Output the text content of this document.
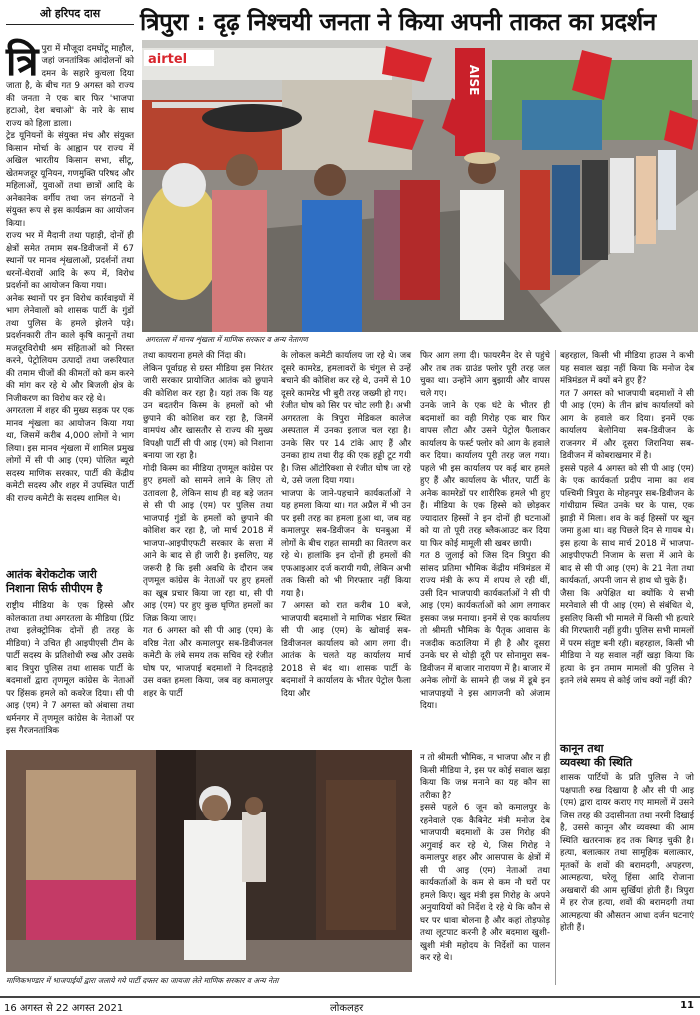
ओ हरिपद दास	त्रिपुरा : दृढ़ निश्चयी जनता ने किया अपनी ताकत का प्रदर्शन
airtel
AISE
अगरतला में मानव शृंखला में माणिक सरकार व अन्य नेतागण

त्रि पुरा में मौजूदा दमघोंटू माहौल, जहां जनतांत्रिक आंदोलनों को दमन के सहारे कुचला दिया जाता है, के बीच गत 9 अगस्त को राज्य की जनता ने एक बार फिर 'भाजपा हटाओ, देश बचाओ' के नारे के साथ राज्य को हिला डाला।
ट्रेड यूनियनों के संयुक्त मंच और संयुक्त किसान मोर्चा के आह्वान पर राज्य में अखिल भारतीय किसान सभा, सीटू, खेतमजदूर यूनियन, गणमुक्ति परिषद और महिलाओं, युवाओं तथा छात्रों आदि के अनेकानेक वर्गीय तथा जन संगठनों ने संयुक्त रूप से इस कार्यक्रम का आयोजन किया।
राज्य भर में मैदानी तथा पहाड़ी, दोनों ही क्षेत्रों समेत तमाम सब-डिवीजनों में 67 स्थानों पर मानव शृंखलाओं, प्रदर्शनों तथा धरनों-घेरावों आदि के रूप में, विरोध प्रदर्शनों का आयोजन किया गया।
अनेक स्थानों पर इन विरोध कार्रवाइयों में भाग लेनेवालों को शासक पार्टी के गुंडों तथा पुलिस के हमले झेलने पड़े। प्रदर्शनकारी तीन काले कृषि कानूनों तथा मजदूरविरोधी श्रम संहिताओं को निरस्त करने, पेट्रोलियम उत्पादों तथा जरूरियात की तमाम चीजों की कीमतों को कम करने की मांग कर रहे थे और बिजली क्षेत्र के निजीकरण का विरोध कर रहे थे।
अगरतला में शहर की मुख्य सड़क पर एक मानव शृंखला का आयोजन किया गया था, जिसमें करीब 4,000 लोगों ने भाग लिया। इस मानव शृंखला में शामिल प्रमुख लोगों में सी पी आइ (एम) पोलित ब्यूरो सदस्य माणिक सरकार, पार्टी की केंद्रीय कमेटी सदस्य और शहर में उपस्थित पार्टी की राज्य कमेटी के सदस्य शामिल थे।

आतंक बेरोकटोक जारी
निशाना सिर्फ सीपीएम है
राष्ट्रीय मीडिया के एक हिस्से और कोलकाता तथा अगरतला के मीडिया (प्रिंट तथा इलेक्ट्रोनिक दोनों ही तरह के मीडिया) ने उचित ही आइपीएसी टीम के पार्टी सदस्य के प्रतिशोधी रुख और उसके बाद त्रिपुरा पुलिस तथा शासक पार्टी के बदमाशों द्वारा तृणमूल कांग्रेस के नेताओं पर हिंसक हमले को कवरेज दिया। सी पी आइ (एम) ने 7 अगस्त को अंबासा तथा धर्मनगर में तृणमूल कांग्रेस के नेताओं पर इस गैरजनतांत्रिक
तथा कायराना हमले की निंदा की।
लेकिन पूर्वाग्रह से ग्रस्त मीडिया इस निरंतर जारी सरकार प्रायोजित आतंक को छुपाने की कोशिश कर रहा है। यहां तक कि यह उन बदतरीन किस्म के हमलों को भी छुपाने की कोशिश कर रहा है, जिनमें वामपंथ और खासतौर से राज्य की मुख्य विपक्षी पार्टी सी पी आइ (एम) को निशाना बनाया जा रहा है।
गोदी किस्म का मीडिया तृणमूल कांग्रेस पर हुए हमलों को सामने लाने के लिए तो उतावला है, लेकिन साथ ही वह बड़े जतन से सी पी आइ (एम) पर पुलिस तथा भाजपाई गुंडों के हमलों को छुपाने की कोशिश कर रहा है, जो मार्च 2018 में भाजपा-आइपीएफटी सरकार के सत्ता में आने के बाद से ही जारी है। इसलिए, यह जरूरी है कि इसी अवधि के दौरान जब तृणमूल कांग्रेस के नेताओं पर हुए हमलों का खूब प्रचार किया जा रहा था, सी पी आइ (एम) पर हुए कुछ घृणित हमलों का जिक्र किया जाए।
गत 6 अगस्त को सी पी आइ (एम) के वरिष्ठ नेता और कमालपुर सब-डिवीजनल कमेटी के लंबे समय तक सचिव रहे रंजीत घोष पर, भाजपाई बदमाशों ने दिनदहाड़े उस वक्त हमला किया, जब वह कमालपुर शहर के पार्टी
के लोकल कमेटी कार्यालय जा रहे थे। जब दूसरे कामरेड, हमलावरों के चंगुल से उन्हें बचाने की कोशिश कर रहे थे, उनमें से 10 दूसरे कामरेड भी बुरी तरह जख्मी हो गए।
रंजीत घोष को सिर पर चोट लगी है। अभी अगरतला के त्रिपुरा मेडिकल कालेज अस्पताल में उनका इलाज चल रहा है। उनके सिर पर 14 टांके आए हैं और उनका हाथ तथा रीढ़ की एक हड्डी टूट गयी है। जिस ऑटोरिक्शा से रंजीत घोष जा रहे थे, उसे जला दिया गया।
भाजपा के जाने-पहचाने कार्यकर्ताओं ने यह हमला किया था। गत अप्रैल में भी उन पर इसी तरह का हमला हुआ था, जब वह कमालपुर सब-डिवीजन के घनबुआ में लोगों के बीच राहत सामग्री का वितरण कर रहे थे। हालांकि इन दोनों ही हमलों की एफआइआर दर्ज करायी गयी, लेकिन अभी तक किसी को भी गिरफ्तार नहीं किया गया है।
7 अगस्त को रात करीब 10 बजे, भाजपायी बदमाशों ने माणिक भंडार स्थित सी पी आइ (एम) के खोवाई सब-डिवीजनल कार्यालय को आग लगा दी। आतंक के चलते यह कार्यालय मार्च 2018 से बंद था। शासक पार्टी के बदमाशों ने कार्यालय के भीतर पेट्रोल फैला दिया और
फिर आग लगा दी। फायरमैन देर से पहुंचे और तब तक ग्राउंड फ्लोर पूरी तरह जल चुका था। उन्होंने आग बुझायी और वापस चले गए।
उनके जाने के एक घंटे के भीतर ही बदमाशों का वही गिरोह एक बार फिर वापस लौटा और उसने पेट्रोल फैलाकर कार्यालय के फर्स्ट फ्लोर को आग के हवाले कर दिया। कार्यालय पूरी तरह जल गया। पहले भी इस कार्यालय पर कई बार हमले हुए हैं और कार्यालय के भीतर, पार्टी के अनेक कामरेडों पर शारीरिक हमले भी हुए हैं। मीडिया के एक हिस्से को छोड़कर ज्यादातर हिस्सों ने इन दोनों ही घटनाओं को या तो पूरी तरह ब्लैकआउट कर दिया या फिर कोई मामूली सी खबर छापी।
गत 8 जुलाई को जिस दिन त्रिपुरा की सांसद प्रतिमा भौमिक केंद्रीय मंत्रिमंडल में राज्य मंत्री के रूप में शपथ ले रही थीं, उसी दिन भाजपायी कार्यकर्ताओं ने सी पी आइ (एम) कार्यकर्ताओं को आग लगाकर इसका जश्न मनाया। इनमें से एक कार्यालय तो श्रीमती भौमिक के पैतृक आवास के नजदीक कठालिया में ही है और दूसरा उनके घर से थोड़ी दूरी पर सोनामुरा सब-डिवीजन में बाजार नारायण में है। बाजार में अनेक लोगों के सामने ही जश्न में डूबे इन भाजपाइयों ने इस आगजनी को अंजाम दिया।
न तो श्रीमती भौमिक, न भाजपा और न ही किसी मीडिया ने, इस पर कोई सवाल खड़ा किया कि जश्न मनाने का यह कौन सा तरीका है?
इससे पहले 6 जून को कमालपुर के रहनेवाले एक कैबिनेट मंत्री मनोज देब भाजपायी बदमाशों के उस गिरोह की अगुवाई कर रहे थे, जिस गिरोह ने कमालपुर शहर और आसपास के क्षेत्रों में सी पी आइ (एम) नेताओं तथा कार्यकर्ताओं के कम से कम नौ घरों पर हमले किए। खुद मंत्री इस गिरोह के अपने अनुयायियों को निर्देश दे रहे थे कि कौन से घर पर धावा बोलना है और कहां तोड़फोड़ तथा लूटपाट करनी है और बदमाश खुशी-खुशी मंत्री महोदय के निर्देशों का पालन कर रहे थे।
बहरहाल, किसी भी मीडिया हाउस ने कभी यह सवाल खड़ा नहीं किया कि मनोज देब मंत्रिमंडल में क्यों बने हुए हैं?
गत 7 अगस्त को भाजपायी बदमाशों ने सी पी आइ (एम) के तीन ब्रांच कार्यालयों को आग के हवाले कर दिया। इनमें एक कार्यालय बेलोनिया सब-डिवीजन के राजनगर में और दूसरा जिरानिया सब-डिवीजन में कोबराखमार में है।
इससे पहले 4 अगस्त को सी पी आइ (एम) के एक कार्यकर्ता प्रदीप नामा का शव पश्चिमी त्रिपुरा के मोहनपुर सब-डिवीजन के गांधीग्राम स्थित उनके घर के पास, एक झाड़ी में मिला। शव के कई हिस्सों पर खून जमा हुआ था। वह पिछले दिन से गायब थे। इस हत्या के साथ मार्च 2018 में भाजपा-आइपीएफटी निजाम के सत्ता में आने के बाद से सी पी आइ (एम) के 21 नेता तथा कार्यकर्ता, अपनी जान से हाथ धो चुके हैं।
जैसा कि अपेक्षित था क्योंकि ये सभी मरनेवाले सी पी आइ (एम) से संबंधित थे, इसलिए किसी भी मामले में किसी भी हत्यारे की गिरफ्तारी नहीं हुयी। पुलिस सभी मामलों में परम संतुष्ट बनी रही। बहरहाल, किसी भी मीडिया ने यह सवाल नहीं खड़ा किया कि हत्या के इन तमाम मामलों की पुलिस ने इतने लंबे समय से कोई जांच क्यों नहीं की?
कानून तथा
व्यवस्था की स्थिति
शासक पार्टियों के प्रति पुलिस ने जो पक्षपाती रुख दिखाया है और सी पी आइ (एम) द्वारा दायर कराए गए मामलों में उसने जिस तरह की उदासीनता तथा नरमी दिखाई है, उससे कानून और व्यवस्था की आम स्थिति खतरनाक हद तक बिगड़ चुकी है। हत्या, बलात्कार तथा सामूहिक बलात्कार, मृतकों के शवों की बरामदगी, अपहरण, आत्महत्या, घरेलू हिंसा आदि रोजाना अखबारों की आम सुर्खियां होती हैं। त्रिपुरा में हर रोज हत्या, शवों की बरामदगी तथा आत्महत्या की औसतन आधा दर्जन घटनाएं होती हैं।
माणिकभण्डार में भाजपाईयों द्वारा जलाये गये पार्टी दफ्तर का जायजा लेते माणिक सरकार व अन्य नेता
16 अगस्त से 22 अगस्त 2021	लोकलहर	11
